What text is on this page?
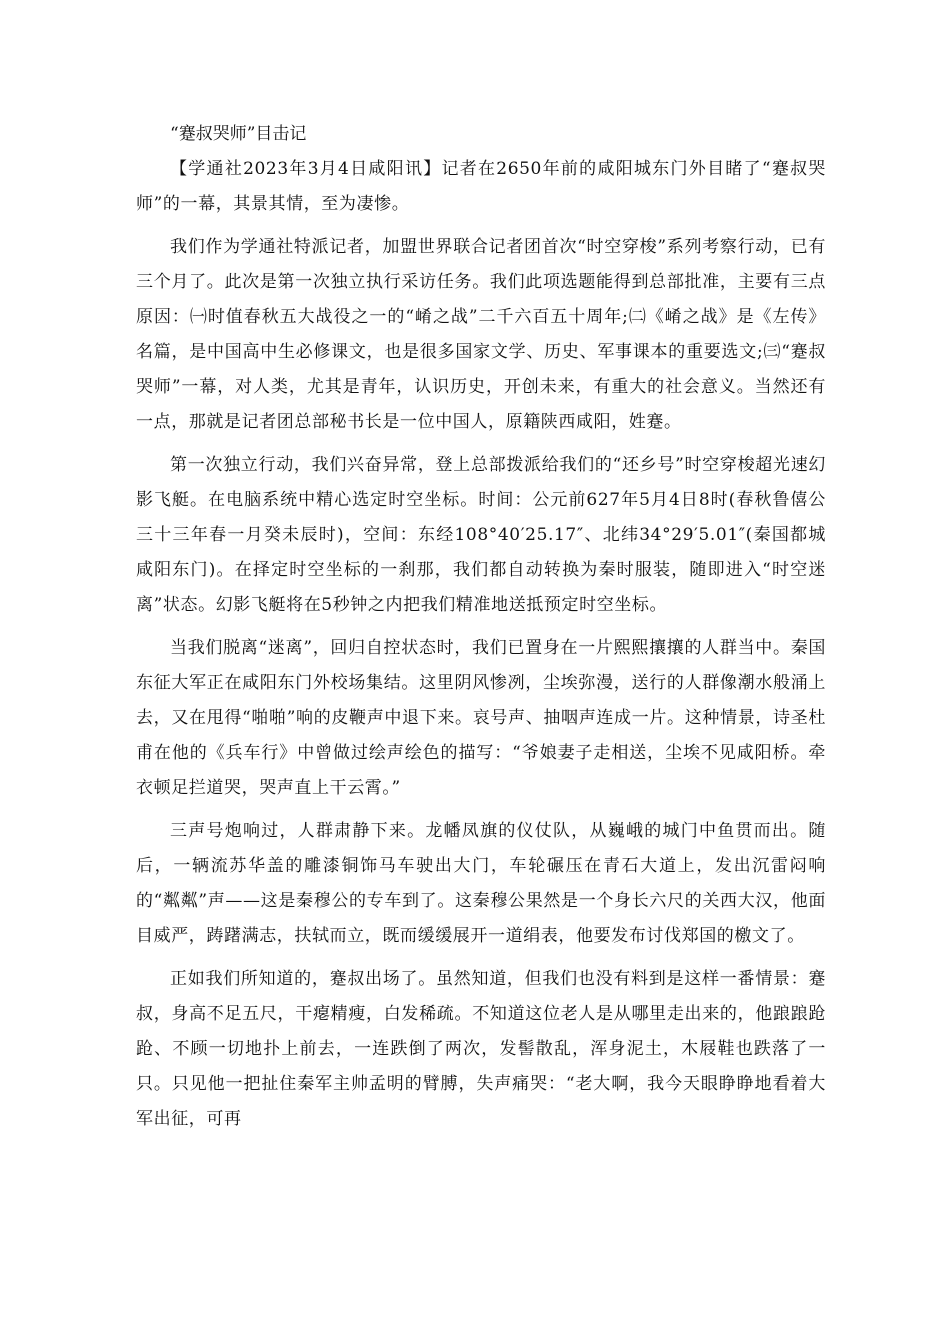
“蹇叔哭师”目击记

【学通社2023年3月4日咸阳讯】记者在2650年前的咸阳城东门外目睹了“蹇叔哭师”的一幕，其景其情，至为凄惨。

我们作为学通社特派记者，加盟世界联合记者团首次“时空穿梭”系列考察行动，已有三个月了。此次是第一次独立执行采访任务。我们此项选题能得到总部批准，主要有三点原因：㈠时值春秋五大战役之一的“崤之战”二千六百五十周年;㈡《崤之战》是《左传》名篇，是中国高中生必修课文，也是很多国家文学、历史、军事课本的重要选文;㈢“蹇叔哭师”一幕，对人类，尤其是青年，认识历史，开创未来，有重大的社会意义。当然还有一点，那就是记者团总部秘书长是一位中国人，原籍陕西咸阳，姓蹇。

第一次独立行动，我们兴奋异常，登上总部拨派给我们的“还乡号”时空穿梭超光速幻影飞艇。在电脑系统中精心选定时空坐标。时间：公元前627年5月4日8时(春秋鲁僖公三十三年春一月癸未辰时)，空间：东经108°40′25.17″、北纬34°29′5.01″(秦国都城咸阳东门)。在择定时空坐标的一刹那，我们都自动转换为秦时服装，随即进入“时空迷离”状态。幻影飞艇将在5秒钟之内把我们精准地送抵预定时空坐标。

当我们脱离“迷离”，回归自控状态时，我们已置身在一片熙熙攘攘的人群当中。秦国东征大军正在咸阳东门外校场集结。这里阴风惨冽，尘埃弥漫，送行的人群像潮水般涌上去，又在甩得“啪啪”响的皮鞭声中退下来。哀号声、抽咽声连成一片。这种情景，诗圣杜甫在他的《兵车行》中曾做过绘声绘色的描写：“爷娘妻子走相送，尘埃不见咸阳桥。牵衣顿足拦道哭，哭声直上干云霄。”

三声号炮响过，人群肃静下来。龙幡凤旗的仪仗队，从巍峨的城门中鱼贯而出。随后，一辆流苏华盖的雕漆铜饰马车驶出大门，车轮碾压在青石大道上，发出沉雷闷响的“粼粼”声——这是秦穆公的专车到了。这秦穆公果然是一个身长六尺的关西大汉，他面目威严，踌躇满志，扶轼而立，既而缓缓展开一道绢表，他要发布讨伐郑国的檄文了。

正如我们所知道的，蹇叔出场了。虽然知道，但我们也没有料到是这样一番情景：蹇叔，身高不足五尺，干瘪精瘦，白发稀疏。不知道这位老人是从哪里走出来的，他踉踉跄跄、不顾一切地扑上前去，一连跌倒了两次，发髻散乱，浑身泥土，木屐鞋也跌落了一只。只见他一把扯住秦军主帅孟明的臂膊，失声痛哭：“老大啊，我今天眼睁睁地看着大军出征，可再
